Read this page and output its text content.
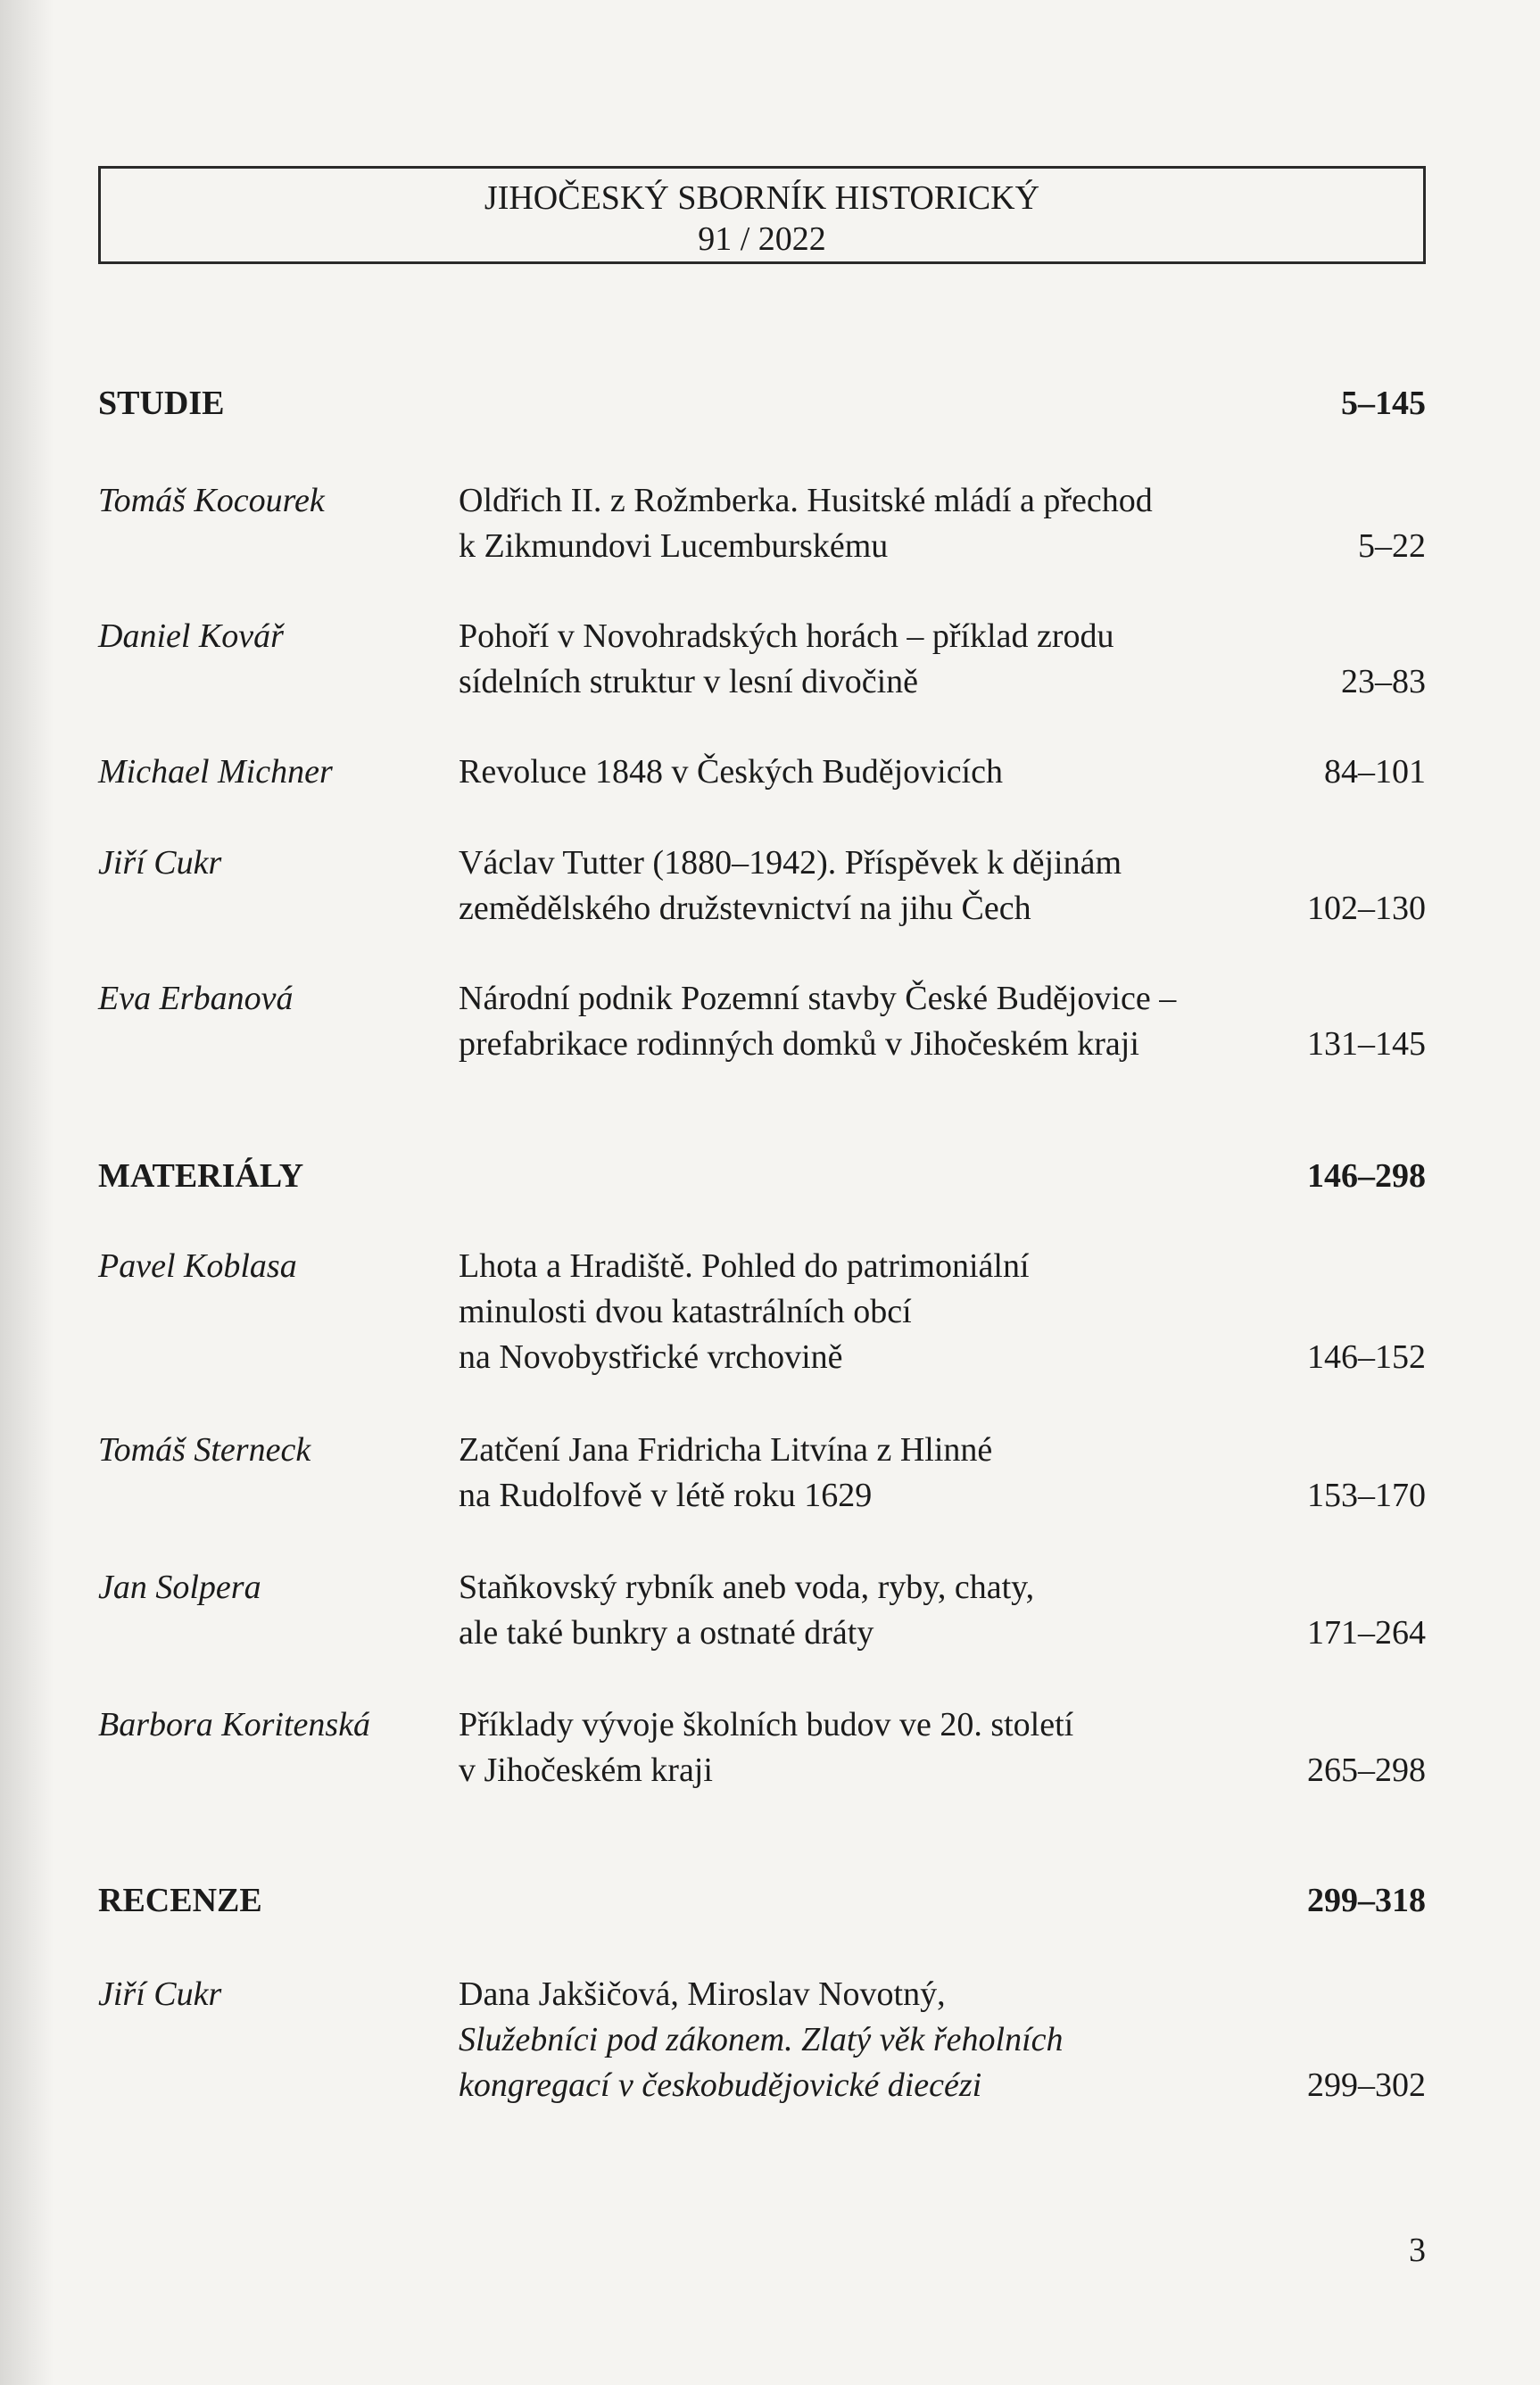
JIHOČESKÝ SBORNÍK HISTORICKÝ
91 / 2022
STUDIE	5–145
Tomáš Kocourek	Oldřich II. z Rožmberka. Husitské mládí a přechod
k Zikmundovi Lucemburskému	5–22
Daniel Kovář	Pohoří v Novohradských horách – příklad zrodu
sídelních struktur v lesní divočině	23–83
Michael Michner	Revoluce 1848 v Českých Budějovicích	84–101
Jiří Cukr	Václav Tutter (1880–1942). Příspěvek k dějinám
zemědělského družstevnictví na jihu Čech	102–130
Eva Erbanová	Národní podnik Pozemní stavby České Budějovice –
prefabrikace rodinných domků v Jihočeském kraji	131–145
MATERIÁLY	146–298
Pavel Koblasa	Lhota a Hradiště. Pohled do patrimoniální
minulosti dvou katastrálních obcí
na Novobystřické vrchovině	146–152
Tomáš Sterneck	Zatčení Jana Fridricha Litvína z Hlinné
na Rudolfově v létě roku 1629	153–170
Jan Solpera	Staňkovský rybník aneb voda, ryby, chaty,
ale také bunkry a ostnaté dráty	171–264
Barbora Koritenská	Příklady vývoje školních budov ve 20. století
v Jihočeském kraji	265–298
RECENZE	299–318
Jiří Cukr	Dana Jakšičová, Miroslav Novotný,
Služebníci pod zákonem. Zlatý věk řeholních
kongregací v českobudějovické diecézi	299–302
3
